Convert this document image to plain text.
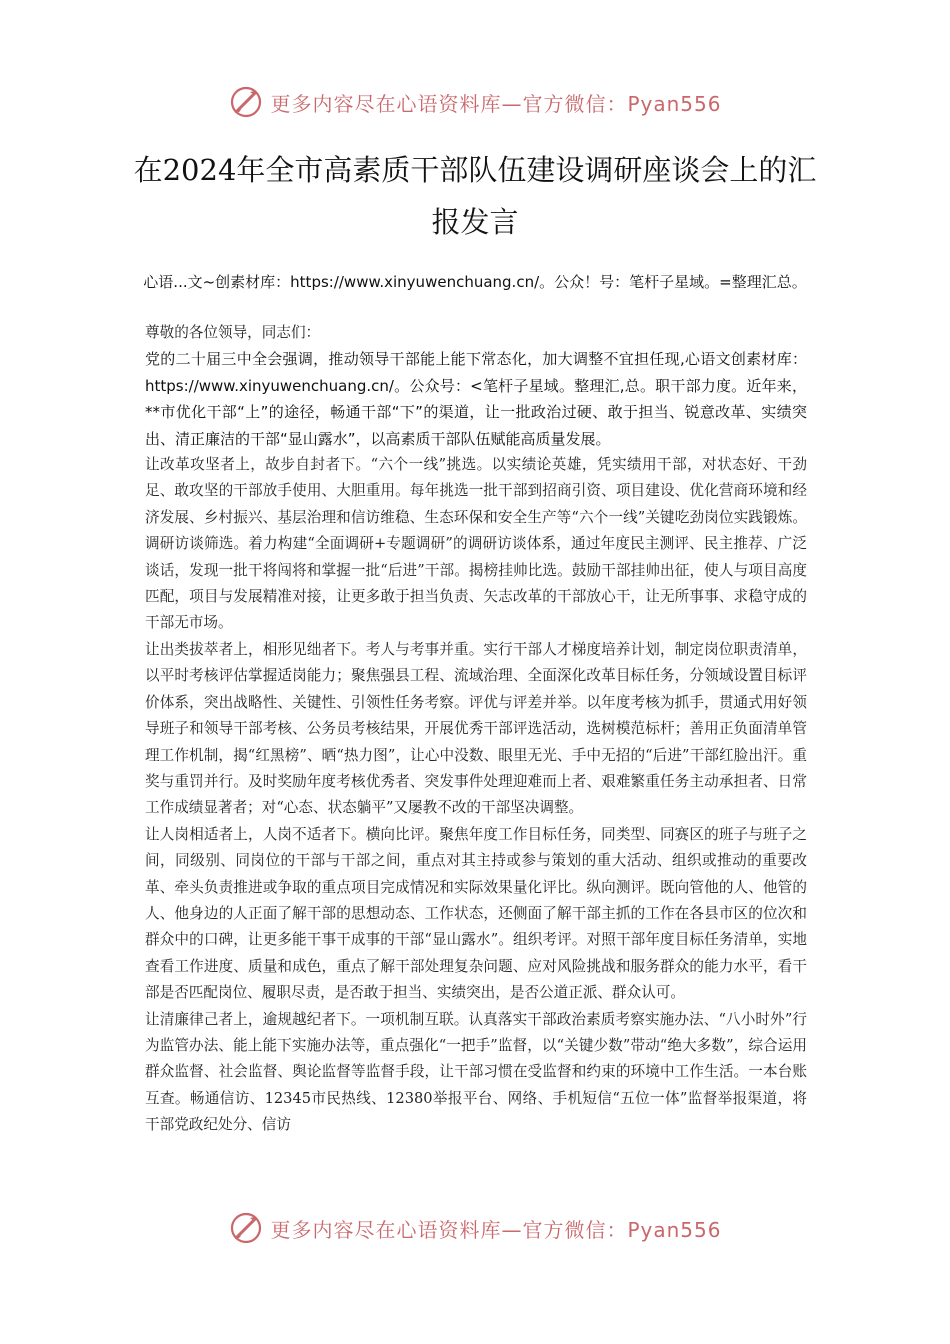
更多内容尽在心语资料库—官方微信：Pyan556
在2024年全市高素质干部队伍建设调研座谈会上的汇报发言
心语...文~创素材库：https://www.xinyuwenchuang.cn/。公众！号：笔杆子星域。=整理汇总。

尊敬的各位领导，同志们：

党的二十届三中全会强调，推动领导干部能上能下常态化，加大调整不宜担任现,心语文创素材库：https://www.xinyuwenchuang.cn/。公众号：<笔杆子星域。整理汇,总。职干部力度。近年来，**市优化干部“上”的途径，畅通干部“下”的渠道，让一批政治过硬、敢于担当、锐意改革、实绩突出、清正廉洁的干部“显山露水”，以高素质干部队伍赋能高质量发展。

让改革攻坚者上，故步自封者下。“六个一线”挑选。以实绩论英雄，凭实绩用干部，对状态好、干劲足、敢攻坚的干部放手使用、大胆重用。每年挑选一批干部到招商引资、项目建设、优化营商环境和经济发展、乡村振兴、基层治理和信访维稳、生态环保和安全生产等“六个一线”关键吃劲岗位实践锻炼。调研访谈筛选。着力构建“全面调研+专题调研”的调研访谈体系，通过年度民主测评、民主推荐、广泛谈话，发现一批干将闯将和掌握一批“后进”干部。揭榜挂帅比选。鼓励干部挂帅出征，使人与项目高度匹配，项目与发展精准对接，让更多敢于担当负责、矢志改革的干部放心干，让无所事事、求稳守成的干部无市场。

让出类拔萃者上，相形见绌者下。考人与考事并重。实行干部人才梯度培养计划，制定岗位职责清单，以平时考核评估掌握适岗能力；聚焦强县工程、流域治理、全面深化改革目标任务，分领域设置目标评价体系，突出战略性、关键性、引领性任务考察。评优与评差并举。以年度考核为抓手，贯通式用好领导班子和领导干部考核、公务员考核结果，开展优秀干部评选活动，选树模范标杆；善用正负面清单管理工作机制，揭“红黑榜”、晒“热力图”，让心中没数、眼里无光、手中无招的“后进”干部红脸出汗。重奖与重罚并行。及时奖励年度考核优秀者、突发事件处理迎难而上者、艰难繁重任务主动承担者、日常工作成绩显著者；对“心态、状态躺平”又屡教不改的干部坚决调整。

让人岗相适者上，人岗不适者下。横向比评。聚焦年度工作目标任务，同类型、同赛区的班子与班子之间，同级别、同岗位的干部与干部之间，重点对其主持或参与策划的重大活动、组织或推动的重要改革、牵头负责推进或争取的重点项目完成情况和实际效果量化评比。纵向测评。既向管他的人、他管的人、他身边的人正面了解干部的思想动态、工作状态，还侧面了解干部主抓的工作在各县市区的位次和群众中的口碑，让更多能干事干成事的干部“显山露水”。组织考评。对照干部年度目标任务清单，实地查看工作进度、质量和成色，重点了解干部处理复杂问题、应对风险挑战和服务群众的能力水平，看干部是否匹配岗位、履职尽责，是否敢于担当、实绩突出，是否公道正派、群众认可。

让清廉律己者上，逾规越纪者下。一项机制互联。认真落实干部政治素质考察实施办法、“八小时外”行为监管办法、能上能下实施办法等，重点强化“一把手”监督，以“关键少数”带动“绝大多数”，综合运用群众监督、社会监督、舆论监督等监督手段，让干部习惯在受监督和约束的环境中工作生活。一本台账互查。畅通信访、12345市民热线、12380举报平台、网络、手机短信“五位一体”监督举报渠道，将干部党政纪处分、信访

更多内容尽在心语资料库—官方微信：Pyan556
